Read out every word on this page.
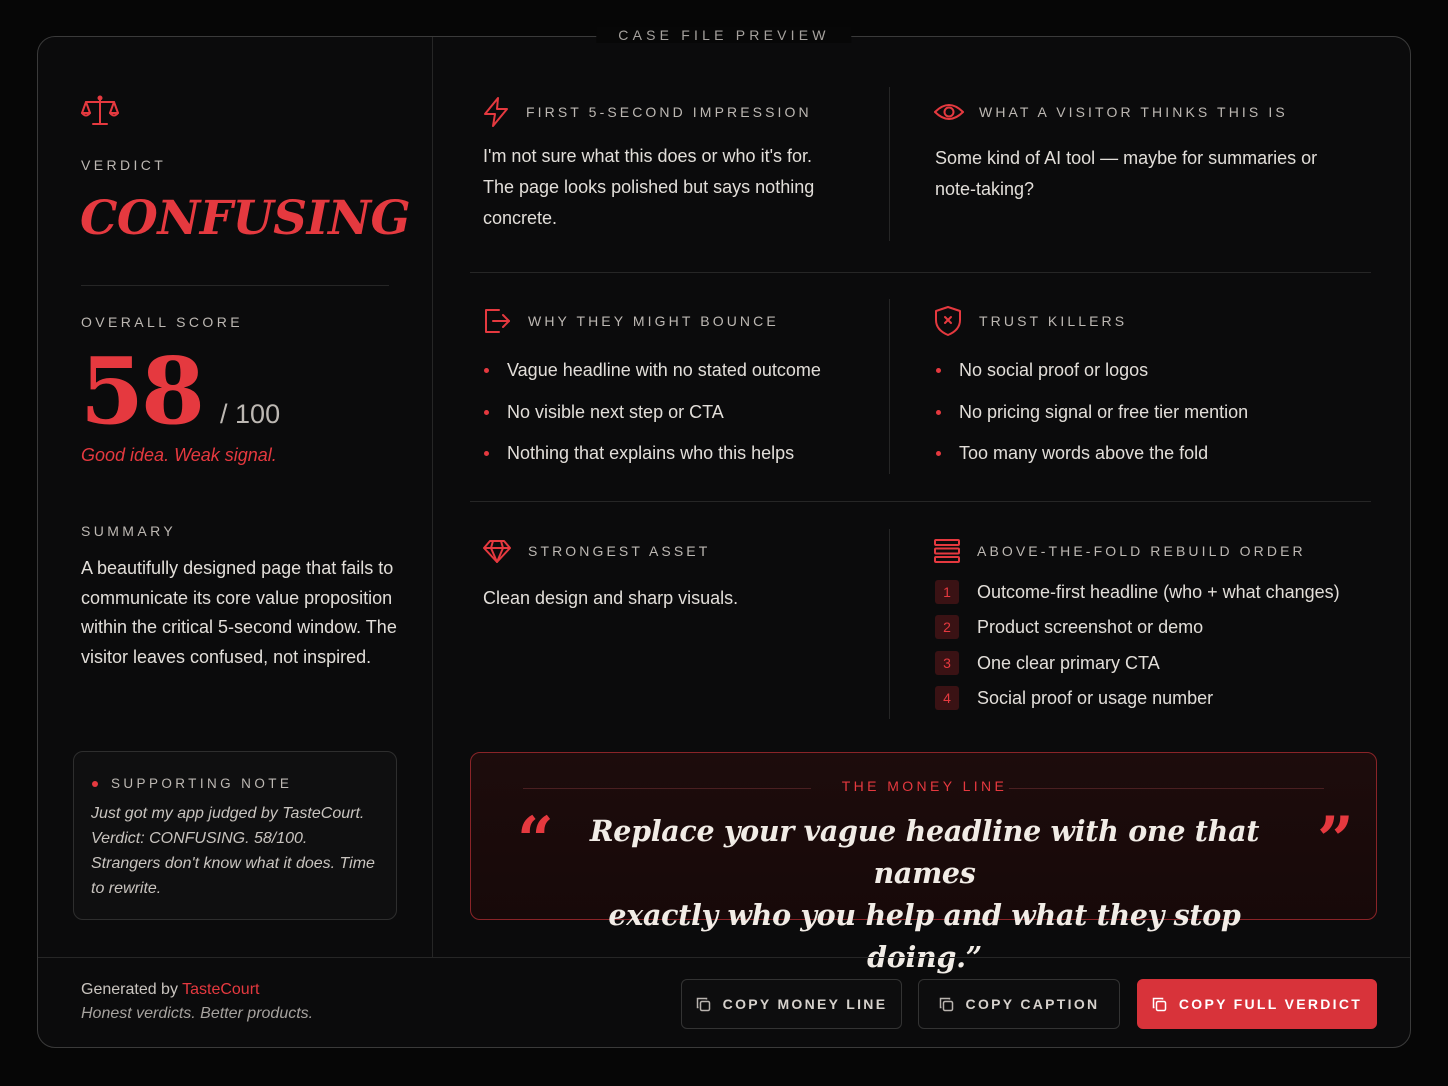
CASE FILE PREVIEW
VERDICT
CONFUSING
OVERALL SCORE
58 / 100
Good idea. Weak signal.
SUMMARY
A beautifully designed page that fails to communicate its core value proposition within the critical 5-second window. The visitor leaves confused, not inspired.
SUPPORTING NOTE
Just got my app judged by TasteCourt. Verdict: CONFUSING. 58/100. Strangers don't know what it does. Time to rewrite.
FIRST 5-SECOND IMPRESSION
I'm not sure what this does or who it's for. The page looks polished but says nothing concrete.
WHAT A VISITOR THINKS THIS IS
Some kind of AI tool — maybe for summaries or note-taking?
WHY THEY MIGHT BOUNCE
Vague headline with no stated outcome
No visible next step or CTA
Nothing that explains who this helps
TRUST KILLERS
No social proof or logos
No pricing signal or free tier mention
Too many words above the fold
STRONGEST ASSET
Clean design and sharp visuals.
ABOVE-THE-FOLD REBUILD ORDER
1	Outcome-first headline (who + what changes)
2	Product screenshot or demo
3	One clear primary CTA
4	Social proof or usage number
THE MONEY LINE
“	”
Replace your vague headline with one that names
exactly who you help and what they stop doing.”
Generated by TasteCourt
Honest verdicts. Better products.
COPY MONEY LINE	COPY CAPTION	COPY FULL VERDICT
